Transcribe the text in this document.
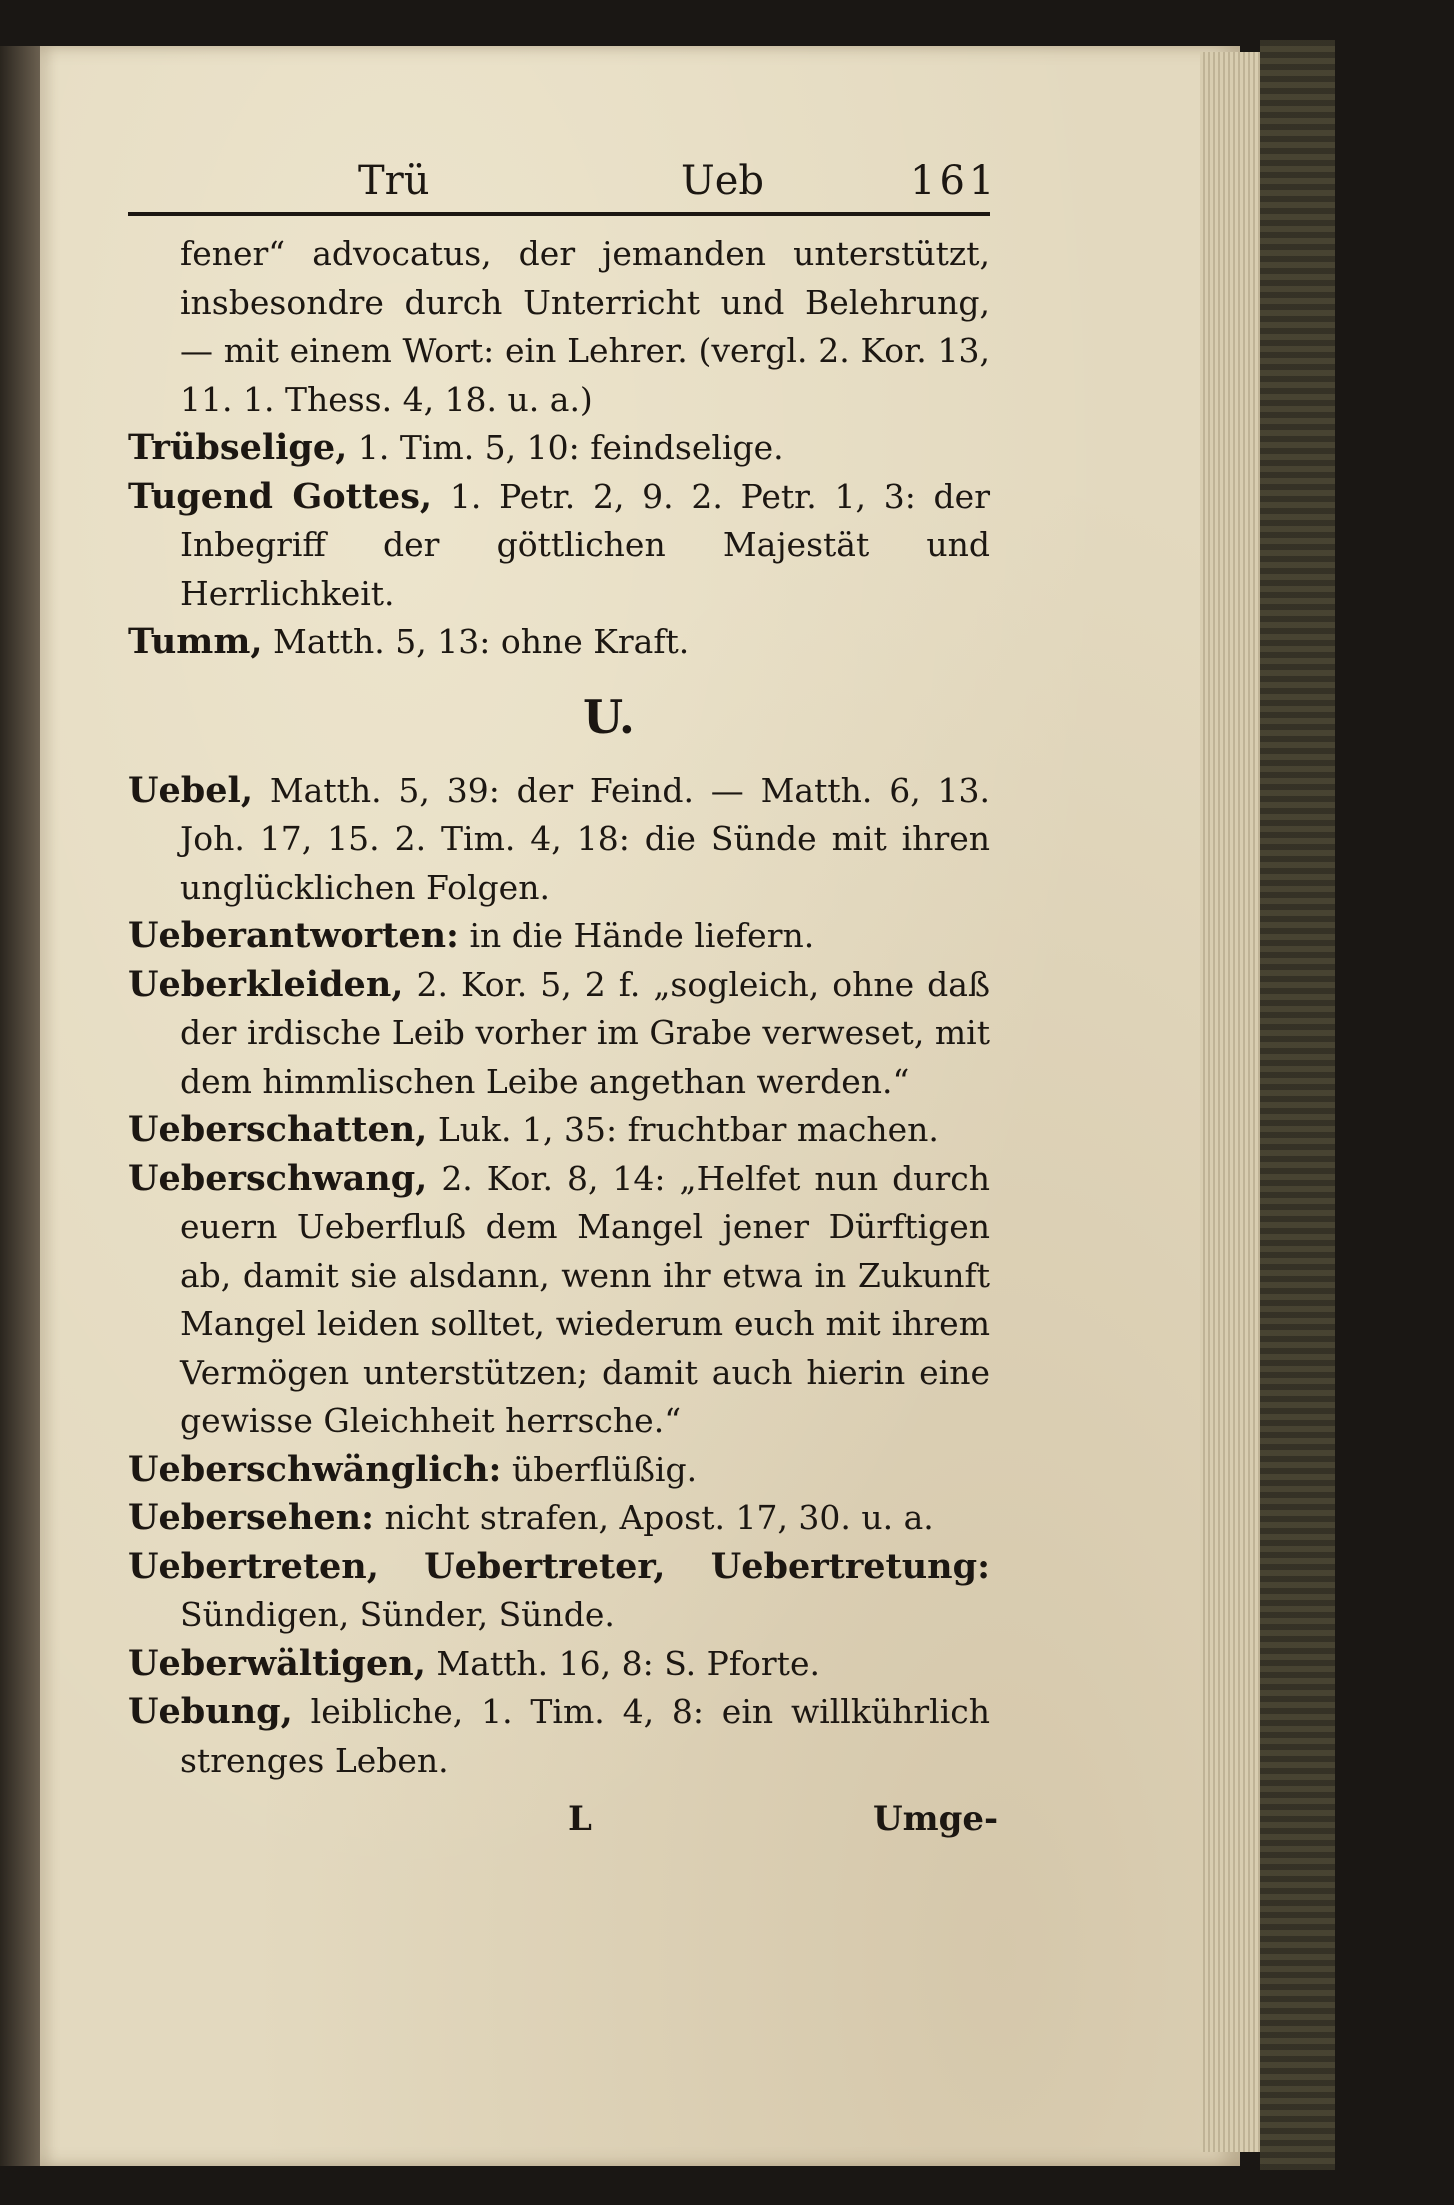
Trü	Ueb	161
fener“ advocatus, der jemanden unterstützt, insbesondre durch Unterricht und Belehrung, — mit einem Wort: ein Lehrer. (vergl. 2. Kor. 13, 11. 1. Thess. 4, 18. u. a.)
Trübselige, 1. Tim. 5, 10: feindselige.
Tugend Gottes, 1. Petr. 2, 9. 2. Petr. 1, 3: der Inbegriff der göttlichen Majestät und Herrlichkeit.
Tumm, Matth. 5, 13: ohne Kraft.
U.
Uebel, Matth. 5, 39: der Feind. — Matth. 6, 13. Joh. 17, 15. 2. Tim. 4, 18: die Sünde mit ihren unglücklichen Folgen.
Ueberantworten: in die Hände liefern.
Ueberkleiden, 2. Kor. 5, 2 f. „sogleich, ohne daß der irdische Leib vorher im Grabe verweset, mit dem himmlischen Leibe angethan werden.“
Ueberschatten, Luk. 1, 35: fruchtbar machen.
Ueberschwang, 2. Kor. 8, 14: „Helfet nun durch euern Ueberfluß dem Mangel jener Dürftigen ab, damit sie alsdann, wenn ihr etwa in Zukunft Mangel leiden solltet, wiederum euch mit ihrem Vermögen unterstützen; damit auch hierin eine gewisse Gleichheit herrsche.“
Ueberschwänglich: überflüßig.
Uebersehen: nicht strafen, Apost. 17, 30. u. a.
Uebertreten, Uebertreter, Uebertretung: Sündigen, Sünder, Sünde.
Ueberwältigen, Matth. 16, 8: S. Pforte.
Uebung, leibliche, 1. Tim. 4, 8: ein willkührlich strenges Leben.
L	Umge-
